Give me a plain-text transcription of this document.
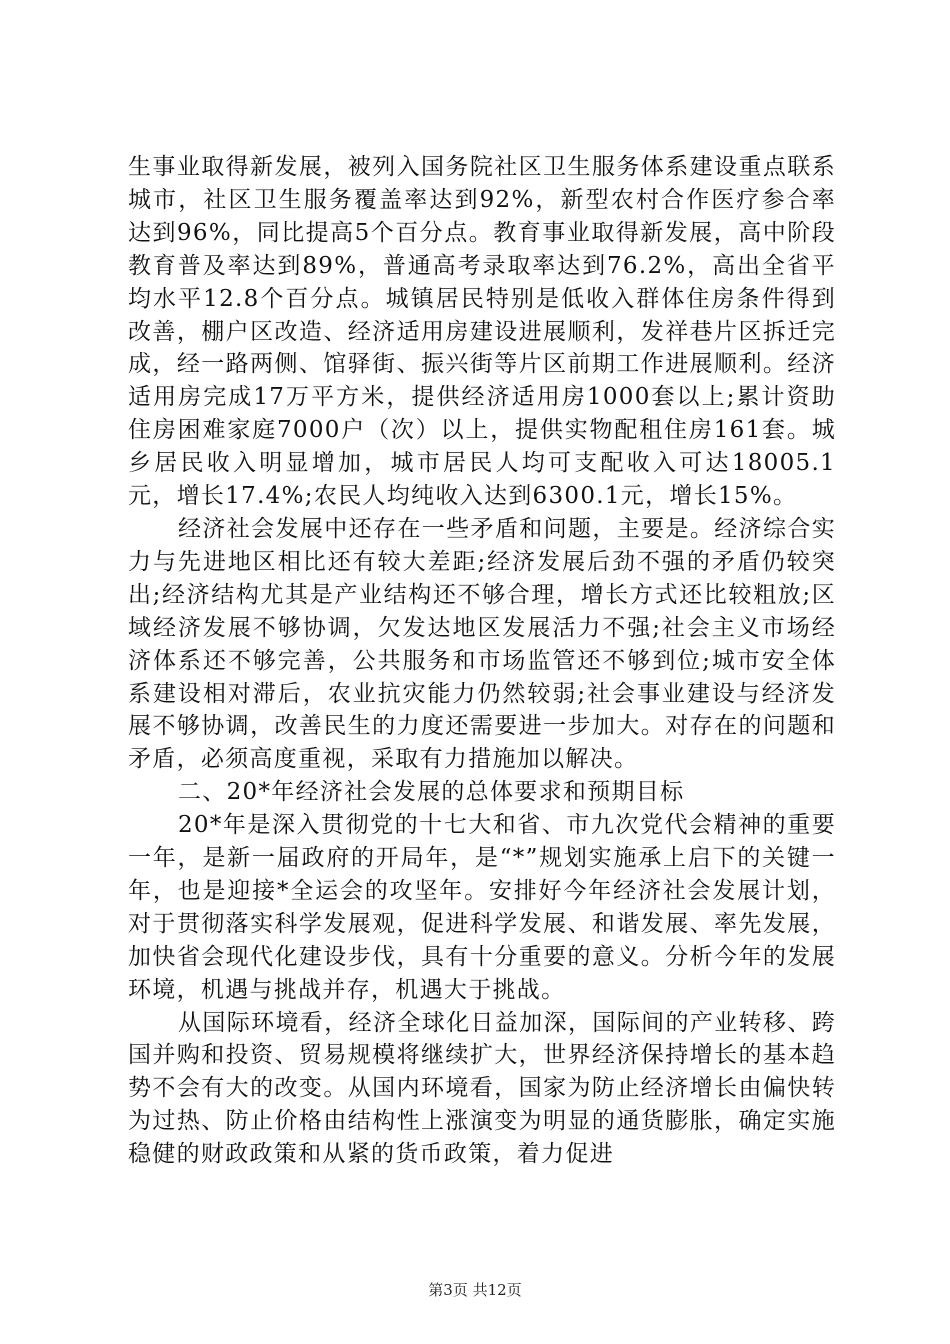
生事业取得新发展，被列入国务院社区卫生服务体系建设重点联系城市，社区卫生服务覆盖率达到92%，新型农村合作医疗参合率达到96%，同比提高5个百分点。教育事业取得新发展，高中阶段教育普及率达到89%，普通高考录取率达到76.2%，高出全省平均水平12.8个百分点。城镇居民特别是低收入群体住房条件得到改善，棚户区改造、经济适用房建设进展顺利，发祥巷片区拆迁完成，经一路两侧、馆驿街、振兴街等片区前期工作进展顺利。经济适用房完成17万平方米，提供经济适用房1000套以上;累计资助住房困难家庭7000户（次）以上，提供实物配租住房161套。城乡居民收入明显增加，城市居民人均可支配收入可达18005.1元，增长17.4%;农民人均纯收入达到6300.1元，增长15%。

经济社会发展中还存在一些矛盾和问题，主要是。经济综合实力与先进地区相比还有较大差距;经济发展后劲不强的矛盾仍较突出;经济结构尤其是产业结构还不够合理，增长方式还比较粗放;区域经济发展不够协调，欠发达地区发展活力不强;社会主义市场经济体系还不够完善，公共服务和市场监管还不够到位;城市安全体系建设相对滞后，农业抗灾能力仍然较弱;社会事业建设与经济发展不够协调，改善民生的力度还需要进一步加大。对存在的问题和矛盾，必须高度重视，采取有力措施加以解决。

二、20*年经济社会发展的总体要求和预期目标

20*年是深入贯彻党的十七大和省、市九次党代会精神的重要一年，是新一届政府的开局年，是“*”规划实施承上启下的关键一年，也是迎接*全运会的攻坚年。安排好今年经济社会发展计划，对于贯彻落实科学发展观，促进科学发展、和谐发展、率先发展，加快省会现代化建设步伐，具有十分重要的意义。分析今年的发展环境，机遇与挑战并存，机遇大于挑战。

从国际环境看，经济全球化日益加深，国际间的产业转移、跨国并购和投资、贸易规模将继续扩大，世界经济保持增长的基本趋势不会有大的改变。从国内环境看，国家为防止经济增长由偏快转为过热、防止价格由结构性上涨演变为明显的通货膨胀，确定实施稳健的财政政策和从紧的货币政策，着力促进

第3页 共12页
